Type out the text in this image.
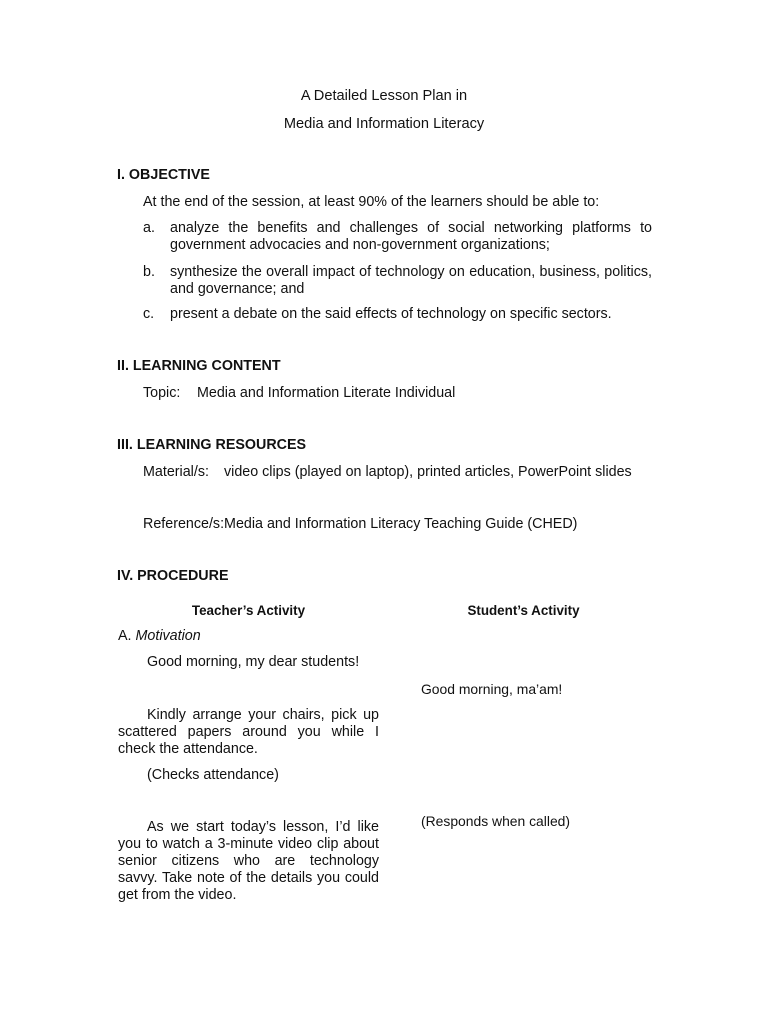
A Detailed Lesson Plan in
Media and Information Literacy
I. OBJECTIVE
At the end of the session, at least 90% of the learners should be able to:
a. analyze the benefits and challenges of social networking platforms to government advocacies and non-government organizations;
b. synthesize the overall impact of technology on education, business, politics, and governance; and
c. present a debate on the said effects of technology on specific sectors.
II. LEARNING CONTENT
Topic: Media and Information Literate Individual
III. LEARNING RESOURCES
Material/s: video clips (played on laptop), printed articles, PowerPoint slides
Reference/s:Media and Information Literacy Teaching Guide (CHED)
IV. PROCEDURE
Teacher’s Activity	Student’s Activity
A. Motivation
Good morning, my dear students!
Good morning, ma’am!
Kindly arrange your chairs, pick up scattered papers around you while I check the attendance.
(Checks attendance)
(Responds when called)
As we start today’s lesson, I’d like you to watch a 3-minute video clip about senior citizens who are technology savvy. Take note of the details you could get from the video.
